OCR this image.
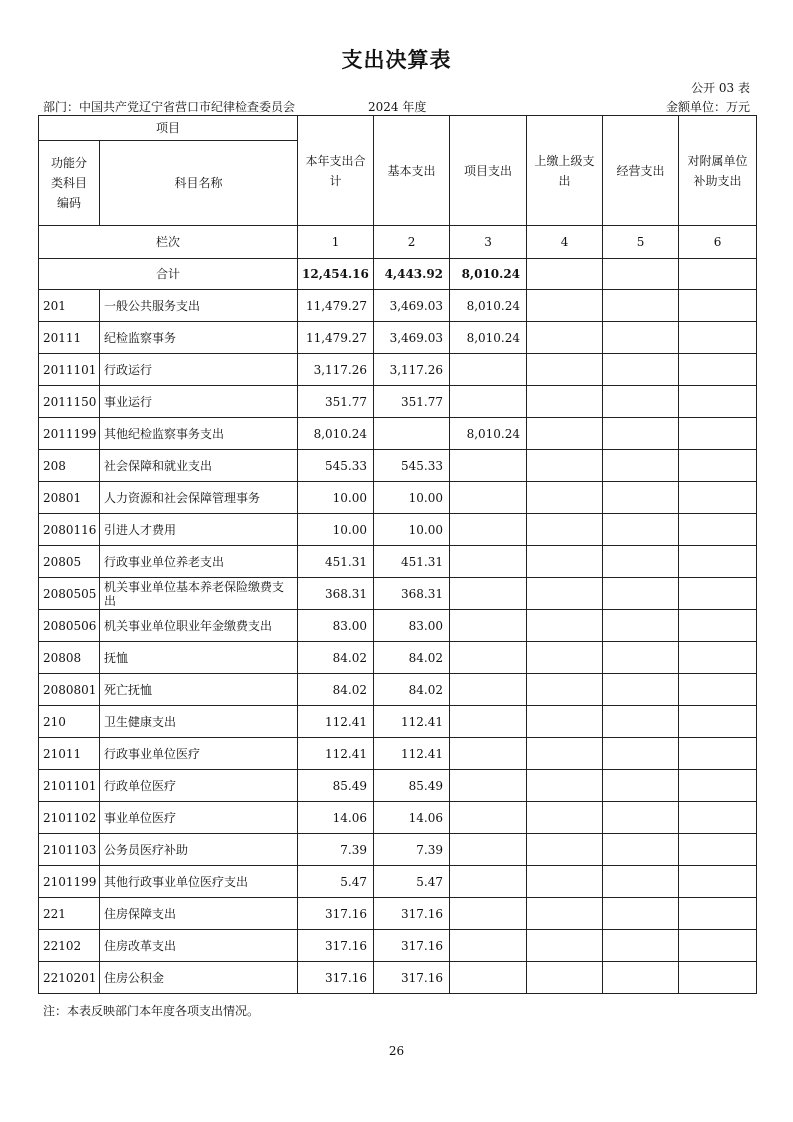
支出决算表
公开 03 表
部门：中国共产党辽宁省营口市纪律检查委员会	2024 年度	金额单位：万元
项目		本年支出合计	基本支出	项目支出	上缴上级支出	经营支出	对附属单位补助支出
功能分类科目编码	科目名称						
栏次		1	2	3	4	5	6
合计		12,454.16	4,443.92	8,010.24			
201	一般公共服务支出	11,479.27	3,469.03	8,010.24			
20111	纪检监察事务	11,479.27	3,469.03	8,010.24			
2011101	行政运行	3,117.26	3,117.26				
2011150	事业运行	351.77	351.77				
2011199	其他纪检监察事务支出	8,010.24		8,010.24			
208	社会保障和就业支出	545.33	545.33				
20801	人力资源和社会保障管理事务	10.00	10.00				
2080116	引进人才费用	10.00	10.00				
20805	行政事业单位养老支出	451.31	451.31				
2080505	机关事业单位基本养老保险缴费支出	368.31	368.31				
2080506	机关事业单位职业年金缴费支出	83.00	83.00				
20808	抚恤	84.02	84.02				
2080801	死亡抚恤	84.02	84.02				
210	卫生健康支出	112.41	112.41				
21011	行政事业单位医疗	112.41	112.41				
2101101	行政单位医疗	85.49	85.49				
2101102	事业单位医疗	14.06	14.06				
2101103	公务员医疗补助	7.39	7.39				
2101199	其他行政事业单位医疗支出	5.47	5.47				
221	住房保障支出	317.16	317.16				
22102	住房改革支出	317.16	317.16				
2210201	住房公积金	317.16	317.16				
注：本表反映部门本年度各项支出情况。
26
